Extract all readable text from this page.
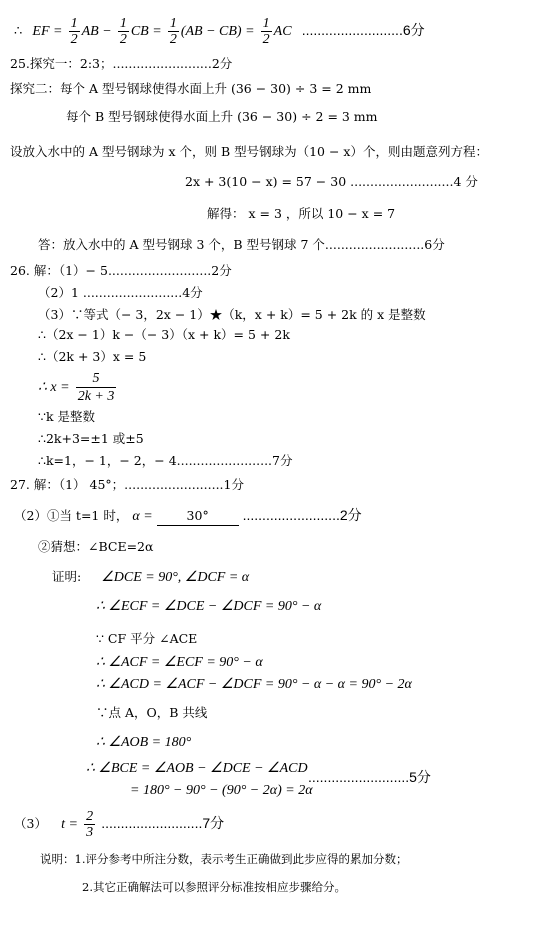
∴ EF = $\frac{1}{2}$ AB − $\frac{1}{2}$ CB = $\frac{1}{2} (AB - CB) = \frac{1}{2}$ AC ..........................6分
25.探究一：2:3；.........................2分
探究二：每个 A 型号钢球使得水面上升 (36 − 30) ÷ 3 = 2 mm
每个 B 型号钢球使得水面上升 (36 − 30) ÷ 2 = 3 mm
设放入水中的 A 型号钢球为 x 个，则 B 型号钢球为（10 − x）个，则由题意列方程：
2x + 3(10 − x) = 57 − 30 ..........................4 分
解得： x = 3 ，所以 10 − x = 7
答：放入水中的 A 型号钢球 3 个，B 型号钢球 7 个.........................6分
26. 解：（1）− 5..........................2分
（2）1 .........................4分
（3）∵等式（− 3，2x − 1）★（k，x + k）= 5 + 2k 的 x 是整数
∴（2x − 1）k −（− 3）（x + k）= 5 + 2k
∴（2k + 3）x = 5
∴ $x = \frac{5}{2k + 3}$
∵k 是整数
∴2k+3=±1 或±5
∴k=1，− 1，− 2，− 4........................7分
27. 解：（1） 45°；.........................1分
（2）①当 t=1 时， α =	30° .........................2分
②猜想：∠BCE=2α
证明: ∠DCE = 90°, ∠DCF = α
∴ ∠ECF = ∠DCE − ∠DCF = 90° − α
∵ CF 平分 ∠ACE
∴ ∠ACF = ∠ECF = 90° − α
∴ ∠ACD = ∠ACF − ∠DCF = 90° − α − α = 90° − 2α
∵点 A，O，B 共线
∴ ∠AOB = 180°
∴ ∠BCE = ∠AOB − ∠DCE − ∠ACD
= 180° − 90° − (90° − 2α) = 2α
..........................5分
（3） $t = \frac{2}{3} ..........................7$分
说明：1.评分参考中所注分数，表示考生正确做到此步应得的累加分数；
2.其它正确解法可以参照评分标准按相应步骤给分。
